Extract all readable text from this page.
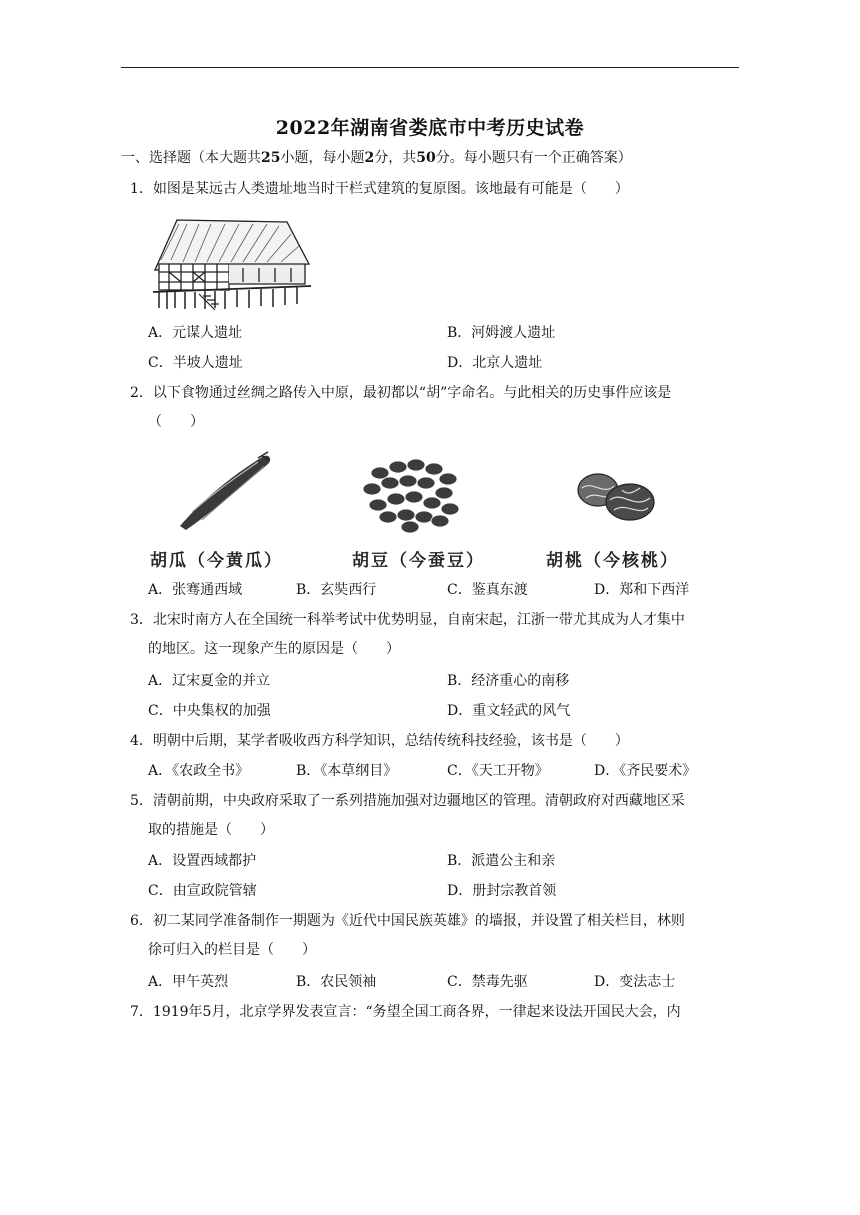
2022年湖南省娄底市中考历史试卷
一、选择题（本大题共25小题，每小题2分，共50分。每小题只有一个正确答案）
1．如图是某远古人类遗址地当时干栏式建筑的复原图。该地最有可能是（　　）
A．元谋人遗址	B．河姆渡人遗址
C．半坡人遗址	D．北京人遗址
2．以下食物通过丝绸之路传入中原，最初都以“胡”字命名。与此相关的历史事件应该是
（　　）
胡瓜（今黄瓜）	胡豆（今蚕豆）	胡桃（今核桃）
A．张骞通西域	B．玄奘西行	C．鉴真东渡	D．郑和下西洋
3．北宋时南方人在全国统一科举考试中优势明显，自南宋起，江浙一带尤其成为人才集中
的地区。这一现象产生的原因是（　　）
A．辽宋夏金的并立	B．经济重心的南移
C．中央集权的加强	D．重文轻武的风气
4．明朝中后期，某学者吸收西方科学知识，总结传统科技经验，该书是（　　）
A．《农政全书》	B．《本草纲目》	C．《天工开物》	D．《齐民要术》
5．清朝前期，中央政府采取了一系列措施加强对边疆地区的管理。清朝政府对西藏地区采
取的措施是（　　）
A．设置西域都护	B．派遣公主和亲
C．由宣政院管辖	D．册封宗教首领
6．初二某同学准备制作一期题为《近代中国民族英雄》的墙报，并设置了相关栏目，林则
徐可归入的栏目是（　　）
A．甲午英烈	B．农民领袖	C．禁毒先驱	D．变法志士
7．1919年5月，北京学界发表宣言：“务望全国工商各界，一律起来设法开国民大会，内
